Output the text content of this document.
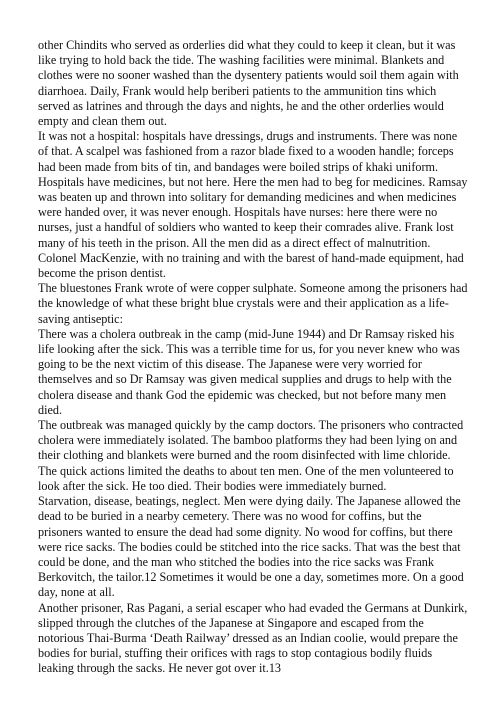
other Chindits who served as orderlies did what they could to keep it clean, but it was like trying to hold back the tide. The washing facilities were minimal. Blankets and clothes were no sooner washed than the dysentery patients would soil them again with diarrhoea. Daily, Frank would help beriberi patients to the ammunition tins which served as latrines and through the days and nights, he and the other orderlies would empty and clean them out.

It was not a hospital: hospitals have dressings, drugs and instruments. There was none of that. A scalpel was fashioned from a razor blade fixed to a wooden handle; forceps had been made from bits of tin, and bandages were boiled strips of khaki uniform. Hospitals have medicines, but not here. Here the men had to beg for medicines. Ramsay was beaten up and thrown into solitary for demanding medicines and when medicines were handed over, it was never enough. Hospitals have nurses: here there were no nurses, just a handful of soldiers who wanted to keep their comrades alive. Frank lost many of his teeth in the prison. All the men did as a direct effect of malnutrition. Colonel MacKenzie, with no training and with the barest of hand-made equipment, had become the prison dentist.

The bluestones Frank wrote of were copper sulphate. Someone among the prisoners had the knowledge of what these bright blue crystals were and their application as a life-saving antiseptic:

There was a cholera outbreak in the camp (mid-June 1944) and Dr Ramsay risked his life looking after the sick. This was a terrible time for us, for you never knew who was going to be the next victim of this disease. The Japanese were very worried for themselves and so Dr Ramsay was given medical supplies and drugs to help with the cholera disease and thank God the epidemic was checked, but not before many men died.

The outbreak was managed quickly by the camp doctors. The prisoners who contracted cholera were immediately isolated. The bamboo platforms they had been lying on and their clothing and blankets were burned and the room disinfected with lime chloride. The quick actions limited the deaths to about ten men. One of the men volunteered to look after the sick. He too died. Their bodies were immediately burned.

Starvation, disease, beatings, neglect. Men were dying daily. The Japanese allowed the dead to be buried in a nearby cemetery. There was no wood for coffins, but the prisoners wanted to ensure the dead had some dignity. No wood for coffins, but there were rice sacks. The bodies could be stitched into the rice sacks. That was the best that could be done, and the man who stitched the bodies into the rice sacks was Frank Berkovitch, the tailor.12 Sometimes it would be one a day, sometimes more. On a good day, none at all.

Another prisoner, Ras Pagani, a serial escaper who had evaded the Germans at Dunkirk, slipped through the clutches of the Japanese at Singapore and escaped from the notorious Thai-Burma ‘Death Railway’ dressed as an Indian coolie, would prepare the bodies for burial, stuffing their orifices with rags to stop contagious bodily fluids leaking through the sacks. He never got over it.13
